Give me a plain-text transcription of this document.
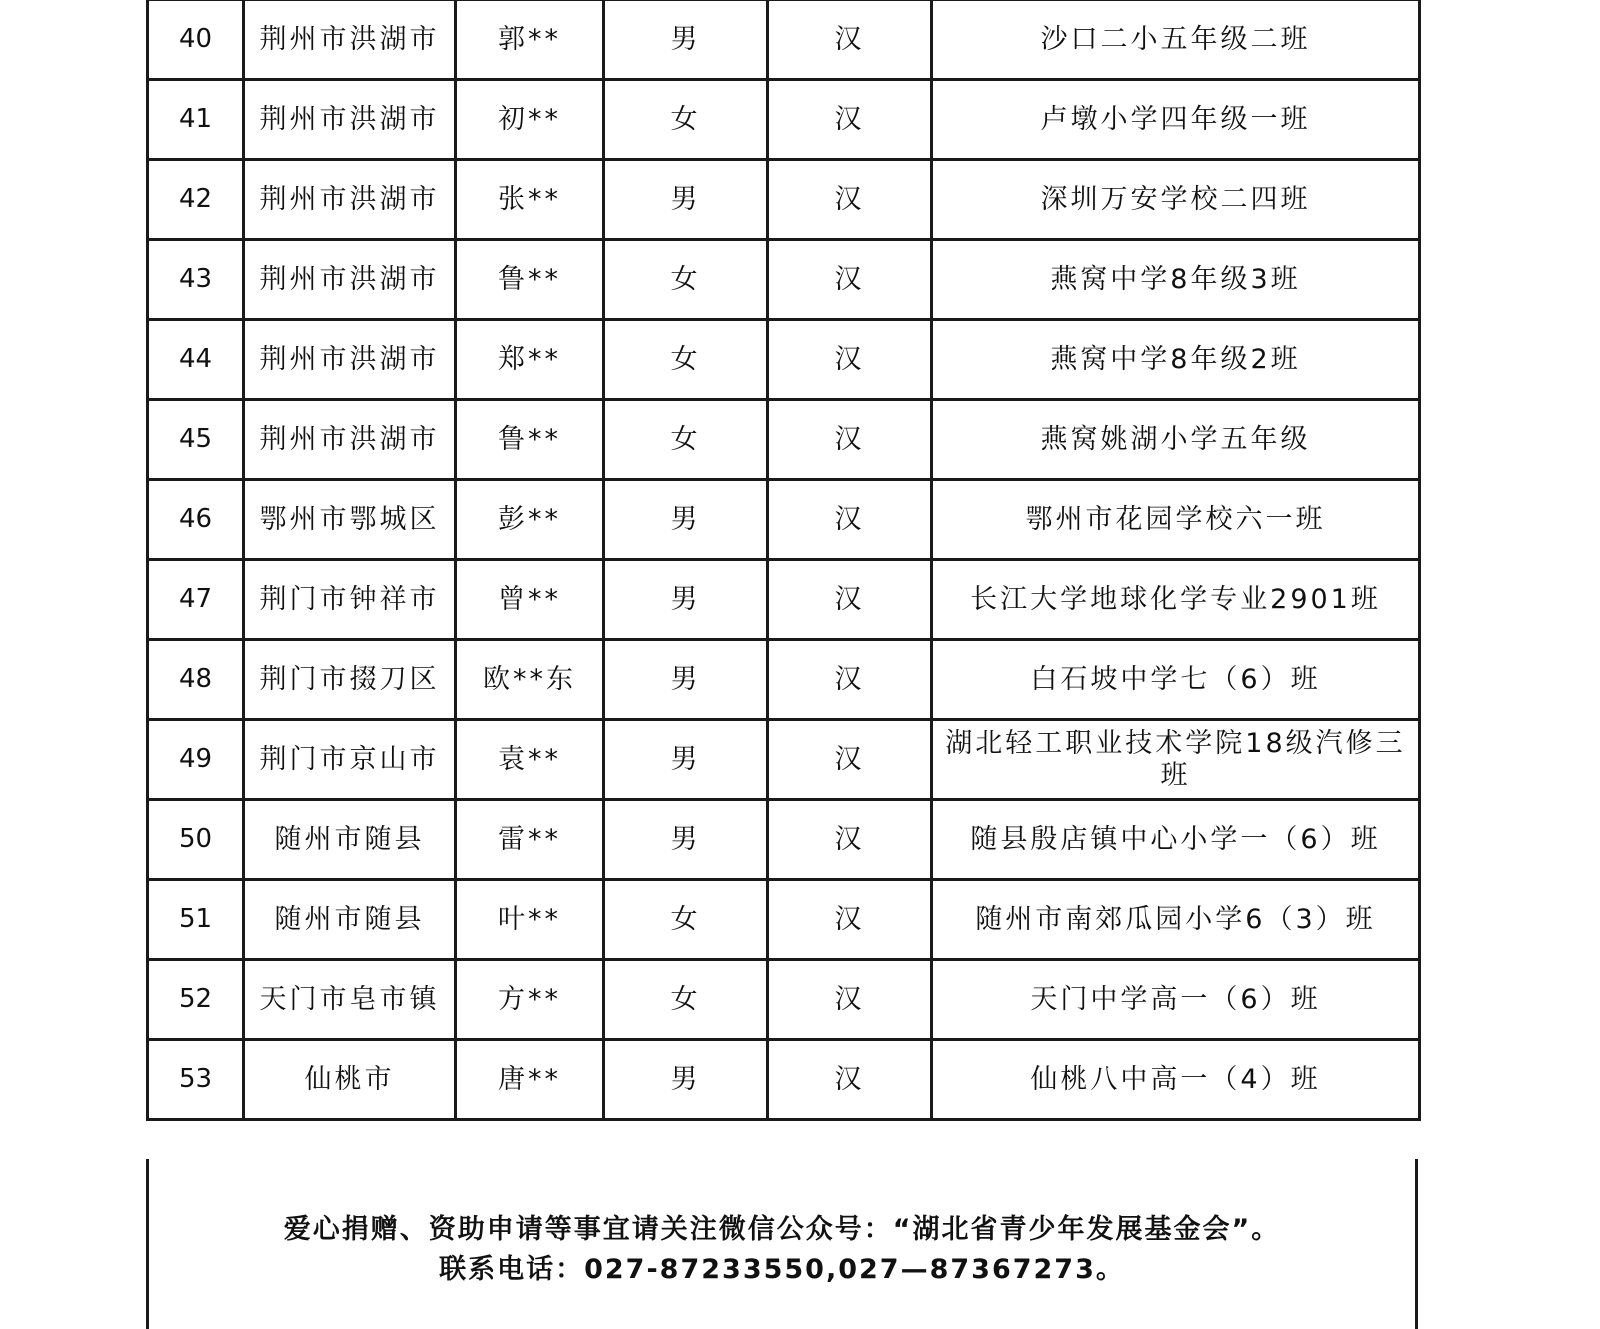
40	荆州市洪湖市	郭**	男	汉	沙口二小五年级二班
41	荆州市洪湖市	初**	女	汉	卢墩小学四年级一班
42	荆州市洪湖市	张**	男	汉	深圳万安学校二四班
43	荆州市洪湖市	鲁**	女	汉	燕窝中学8年级3班
44	荆州市洪湖市	郑**	女	汉	燕窝中学8年级2班
45	荆州市洪湖市	鲁**	女	汉	燕窝姚湖小学五年级
46	鄂州市鄂城区	彭**	男	汉	鄂州市花园学校六一班
47	荆门市钟祥市	曾**	男	汉	长江大学地球化学专业2901班
48	荆门市掇刀区	欧**东	男	汉	白石坡中学七（6）班
49	荆门市京山市	袁**	男	汉	湖北轻工职业技术学院18级汽修三班
50	随州市随县	雷**	男	汉	随县殷店镇中心小学一（6）班
51	随州市随县	叶**	女	汉	随州市南郊瓜园小学6（3）班
52	天门市皂市镇	方**	女	汉	天门中学高一（6）班
53	仙桃市	唐**	男	汉	仙桃八中高一（4）班
爱心捐赠、资助申请等事宜请关注微信公众号：“湖北省青少年发展基金会”。
联系电话：027-87233550,027—87367273。
